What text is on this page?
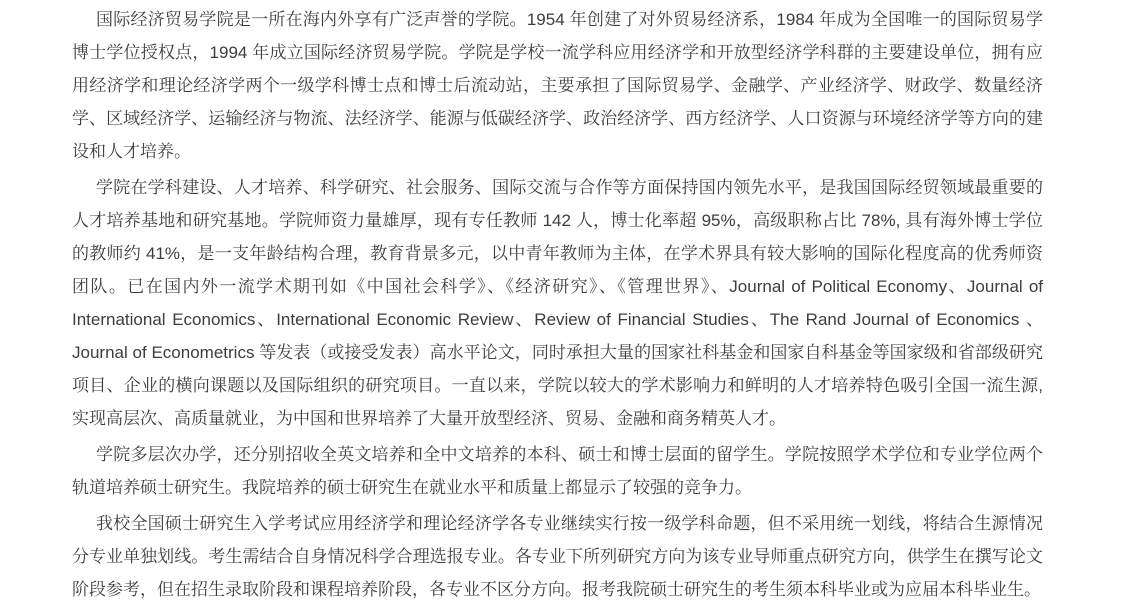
国际经济贸易学院是一所在海内外享有广泛声誉的学院。1954 年创建了对外贸易经济系，1984 年成为全国唯一的国际贸易学博士学位授权点，1994 年成立国际经济贸易学院。学院是学校一流学科应用经济学和开放型经济学科群的主要建设单位，拥有应用经济学和理论经济学两个一级学科博士点和博士后流动站，主要承担了国际贸易学、金融学、产业经济学、财政学、数量经济学、区域经济学、运输经济与物流、法经济学、能源与低碳经济学、政治经济学、西方经济学、人口资源与环境经济学等方向的建设和人才培养。

学院在学科建设、人才培养、科学研究、社会服务、国际交流与合作等方面保持国内领先水平，是我国国际经贸领域最重要的人才培养基地和研究基地。学院师资力量雄厚，现有专任教师 142 人，博士化率超 95%，高级职称占比 78%, 具有海外博士学位的教师约 41%，是一支年龄结构合理，教育背景多元，以中青年教师为主体，在学术界具有较大影响的国际化程度高的优秀师资团队。已在国内外一流学术期刊如《中国社会科学》、《经济研究》、《管理世界》、Journal of Political Economy、Journal of International Economics、International Economic Review、Review of Financial Studies、The Rand Journal of Economics 、Journal of Econometrics 等发表（或接受发表）高水平论文，同时承担大量的国家社科基金和国家自科基金等国家级和省部级研究项目、企业的横向课题以及国际组织的研究项目。一直以来，学院以较大的学术影响力和鲜明的人才培养特色吸引全国一流生源, 实现高层次、高质量就业，为中国和世界培养了大量开放型经济、贸易、金融和商务精英人才。

学院多层次办学，还分别招收全英文培养和全中文培养的本科、硕士和博士层面的留学生。学院按照学术学位和专业学位两个轨道培养硕士研究生。我院培养的硕士研究生在就业水平和质量上都显示了较强的竞争力。

我校全国硕士研究生入学考试应用经济学和理论经济学各专业继续实行按一级学科命题，但不采用统一划线，将结合生源情况分专业单独划线。考生需结合自身情况科学合理选报专业。各专业下所列研究方向为该专业导师重点研究方向，供学生在撰写论文阶段参考，但在招生录取阶段和课程培养阶段，各专业不区分方向。报考我院硕士研究生的考生须本科毕业或为应届本科毕业生。
